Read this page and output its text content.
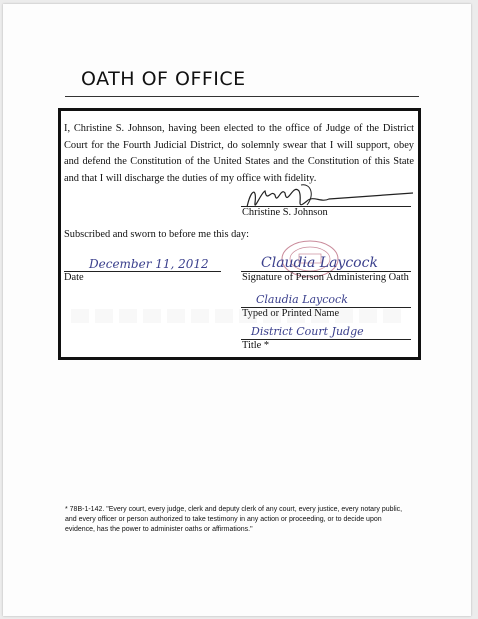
OATH OF OFFICE
I, Christine S. Johnson, having been elected to the office of Judge of the District Court for the Fourth Judicial District, do solemnly swear that I will support, obey and defend the Constitution of the United States and the Constitution of this State and that I will discharge the duties of my office with fidelity.
Christine S. Johnson
Subscribed and sworn to before me this day:
December 11, 2012
Date
Claudia Laycock
Signature of Person Administering Oath
Claudia Laycock
Typed or Printed Name
District Court Judge
Title *
* 78B-1-142. "Every court, every judge, clerk and deputy clerk of any court, every justice, every notary public, and every officer or person authorized to take testimony in any action or proceeding, or to decide upon evidence, has the power to administer oaths or affirmations."
